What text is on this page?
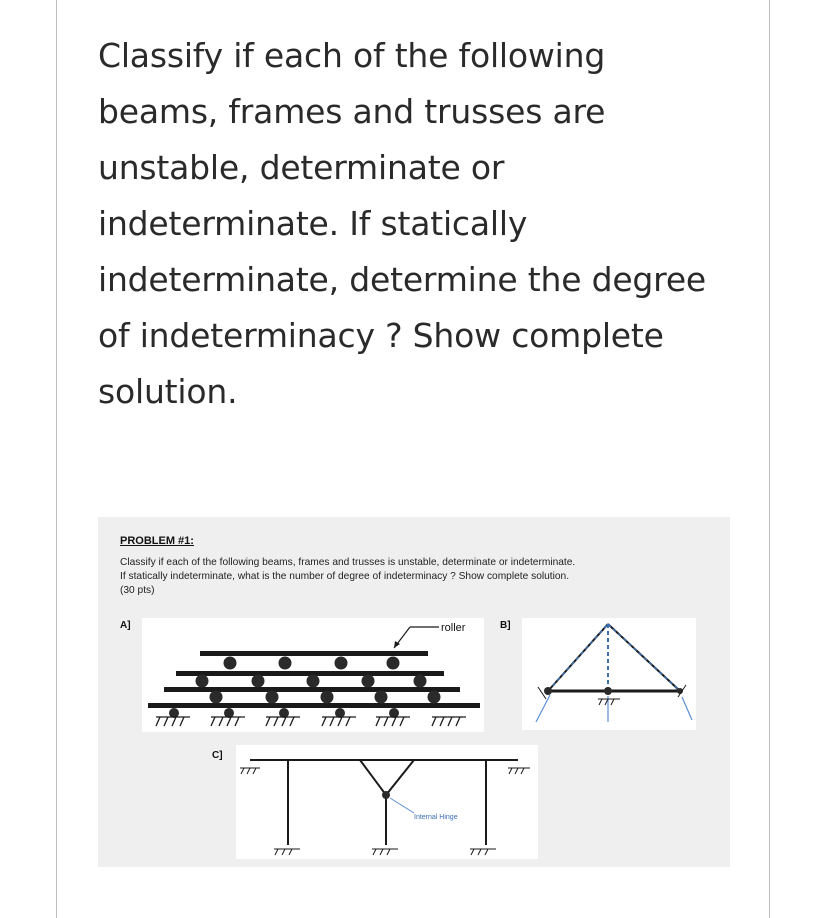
Classify if each of the following
beams, frames and trusses are
unstable, determinate or
indeterminate. If statically
indeterminate, determine the degree
of indeterminacy ? Show complete
solution.
PROBLEM #1:
Classify if each of the following beams, frames and trusses is unstable, determinate or indeterminate.
If statically indeterminate, what is the number of degree of indeterminacy ? Show complete solution.
(30 pts)
A]	B]
C]
roller
Internal Hinge
